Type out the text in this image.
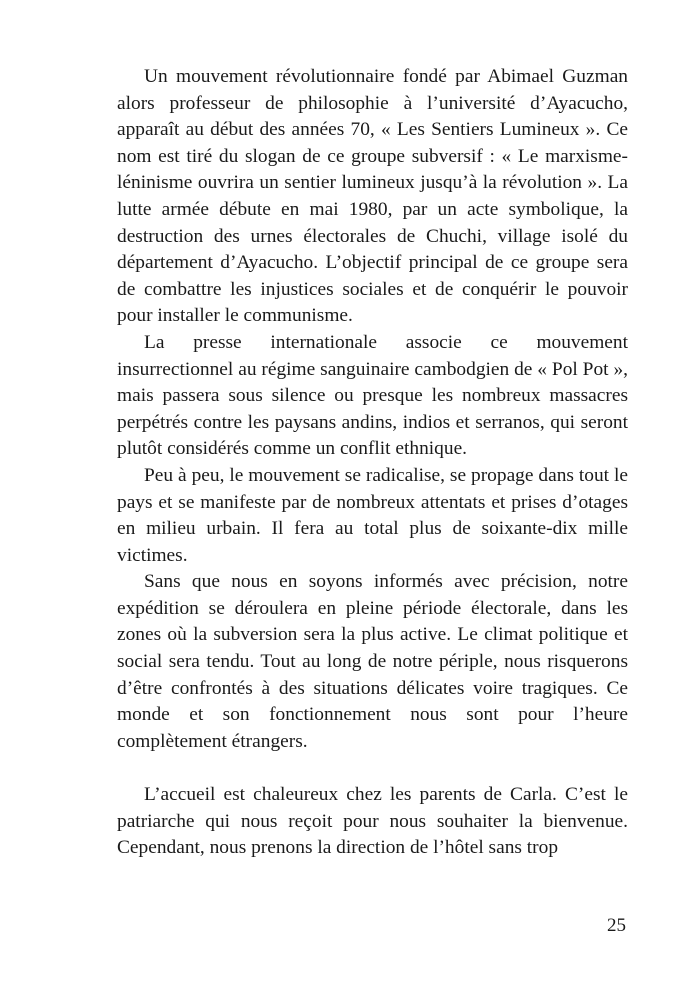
Un mouvement révolutionnaire fondé par Abimael Guzman alors professeur de philosophie à l’université d’Ayacucho, apparaît au début des années 70, « Les Sentiers Lumineux ». Ce nom est tiré du slogan de ce groupe subversif : « Le marxisme-léninisme ouvrira un sentier lumineux jusqu’à la révolution ». La lutte armée débute en mai 1980, par un acte symbolique, la destruction des urnes électorales de Chuchi, village isolé du département d’Ayacucho. L’objectif principal de ce groupe sera de combattre les injustices sociales et de conquérir le pouvoir pour installer le communisme.

La presse internationale associe ce mouvement insurrectionnel au régime sanguinaire cambodgien de « Pol Pot », mais passera sous silence ou presque les nombreux massacres perpétrés contre les paysans andins, indios et serranos, qui seront plutôt considérés comme un conflit ethnique.

Peu à peu, le mouvement se radicalise, se propage dans tout le pays et se manifeste par de nombreux attentats et prises d’otages en milieu urbain. Il fera au total plus de soixante-dix mille victimes.

Sans que nous en soyons informés avec précision, notre expédition se déroulera en pleine période électorale, dans les zones où la subversion sera la plus active. Le climat politique et social sera tendu. Tout au long de notre périple, nous risquerons d’être confrontés à des situations délicates voire tragiques. Ce monde et son fonctionnement nous sont pour l’heure complètement étrangers.

L’accueil est chaleureux chez les parents de Carla. C’est le patriarche qui nous reçoit pour nous souhaiter la bienvenue. Cependant, nous prenons la direction de l’hôtel sans trop

25
